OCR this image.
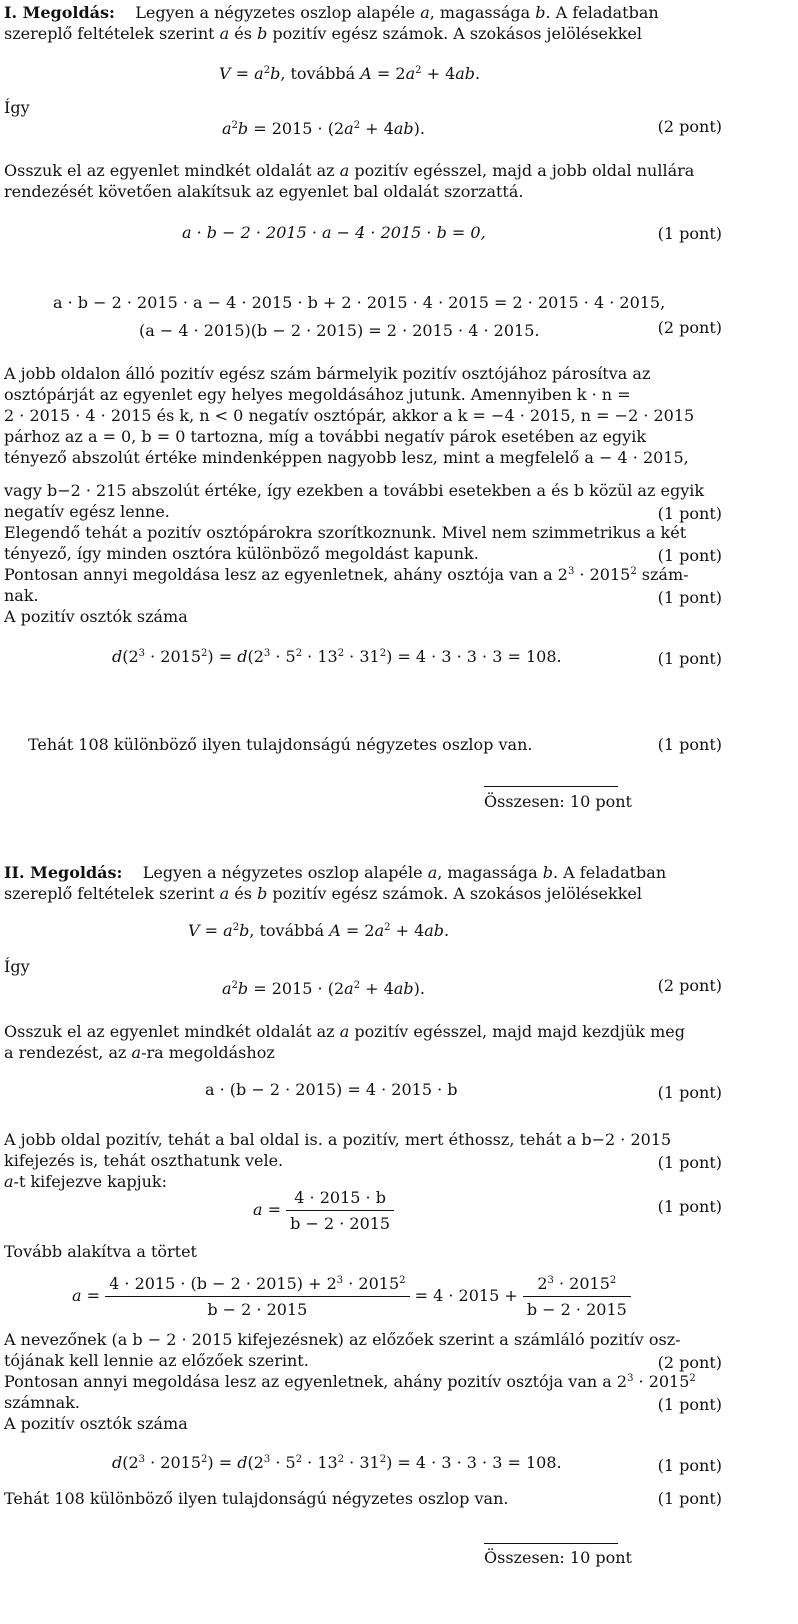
I. Megoldás: Legyen a négyzetes oszlop alapéle a, magassága b. A feladatban
szereplő feltételek szerint a és b pozitív egész számok. A szokásos jelölésekkel
$V = a^2b$, továbbá $A = 2a^2 + 4ab$.
Így
$a^2b = 2015 \cdot (2a^2 + 4ab)$.	(2 pont)
Osszuk el az egyenlet mindkét oldalát az a pozitív egésszel, majd a jobb oldal nullára
rendezését követően alakítsuk az egyenlet bal oldalát szorzattá.
a · b − 2 · 2015 · a − 4 · 2015 · b = 0,	(1 pont)
a · b − 2 · 2015 · a − 4 · 2015 · b + 2 · 2015 · 4 · 2015 = 2 · 2015 · 4 · 2015,
(a − 4 · 2015)(b − 2 · 2015) = 2 · 2015 · 4 · 2015.	(2 pont)
A jobb oldalon álló pozitív egész szám bármelyik pozitív osztójához párosítva az
osztópárját az egyenlet egy helyes megoldásához jutunk. Amennyiben k · n =
2 · 2015 · 4 · 2015 és k, n < 0 negatív osztópár, akkor a k = −4 · 2015, n = −2 · 2015
párhoz az a = 0, b = 0 tartozna, míg a további negatív párok esetében az egyik
tényező abszolút értéke mindenképpen nagyobb lesz, mint a megfelelő a − 4 · 2015,
vagy b−2 · 215 abszolút értéke, így ezekben a további esetekben a és b közül az egyik
negatív egész lenne.	(1 pont)
Elegendő tehát a pozitív osztópárokra szorítkoznunk. Mivel nem szimmetrikus a két
tényező, így minden osztóra különböző megoldást kapunk.	(1 pont)
Pontosan annyi megoldása lesz az egyenletnek, ahány osztója van a $2^3 \cdot 2015^2$ szám-
nak.	(1 pont)
A pozitív osztók száma
$d(2^3 \cdot 2015^2) = d(2^3 \cdot 5^2 \cdot 13^2 \cdot 31^2) = 4 \cdot 3 \cdot 3 \cdot 3 = 108$.	(1 pont)
Tehát 108 különböző ilyen tulajdonságú négyzetes oszlop van.	(1 pont)
Összesen: 10 pont
II. Megoldás: Legyen a négyzetes oszlop alapéle a, magassága b. A feladatban
szereplő feltételek szerint a és b pozitív egész számok. A szokásos jelölésekkel
$V = a^2b$, továbbá $A = 2a^2 + 4ab$.
Így
$a^2b = 2015 \cdot (2a^2 + 4ab)$.	(2 pont)
Osszuk el az egyenlet mindkét oldalát az a pozitív egésszel, majd majd kezdjük meg
a rendezést, az a-ra megoldáshoz
a · (b − 2 · 2015) = 4 · 2015 · b	(1 pont)
A jobb oldal pozitív, tehát a bal oldal is. a pozitív, mert éthossz, tehát a b−2 · 2015
kifejezés is, tehát oszthatunk vele.	(1 pont)
a-t kifejezve kapjuk:
$a = \frac{4 \cdot 2015 \cdot b}{b - 2 \cdot 2015}$	(1 pont)
Tovább alakítva a törtet
$a = \frac{4 \cdot 2015 \cdot (b - 2 \cdot 2015) + 2^3 \cdot 2015^2}{b - 2 \cdot 2015} = 4 \cdot 2015 + \frac{2^3 \cdot 2015^2}{b - 2 \cdot 2015}$
A nevezőnek (a b − 2 · 2015 kifejezésnek) az előzőek szerint a számláló pozitív osz-
tójának kell lennie az előzőek szerint.	(2 pont)
Pontosan annyi megoldása lesz az egyenletnek, ahány pozitív osztója van a $2^3 \cdot 2015^2$
számnak.	(1 pont)
A pozitív osztók száma
$d(2^3 \cdot 2015^2) = d(2^3 \cdot 5^2 \cdot 13^2 \cdot 31^2) = 4 \cdot 3 \cdot 3 \cdot 3 = 108$.	(1 pont)
Tehát 108 különböző ilyen tulajdonságú négyzetes oszlop van.	(1 pont)
Összesen: 10 pont
